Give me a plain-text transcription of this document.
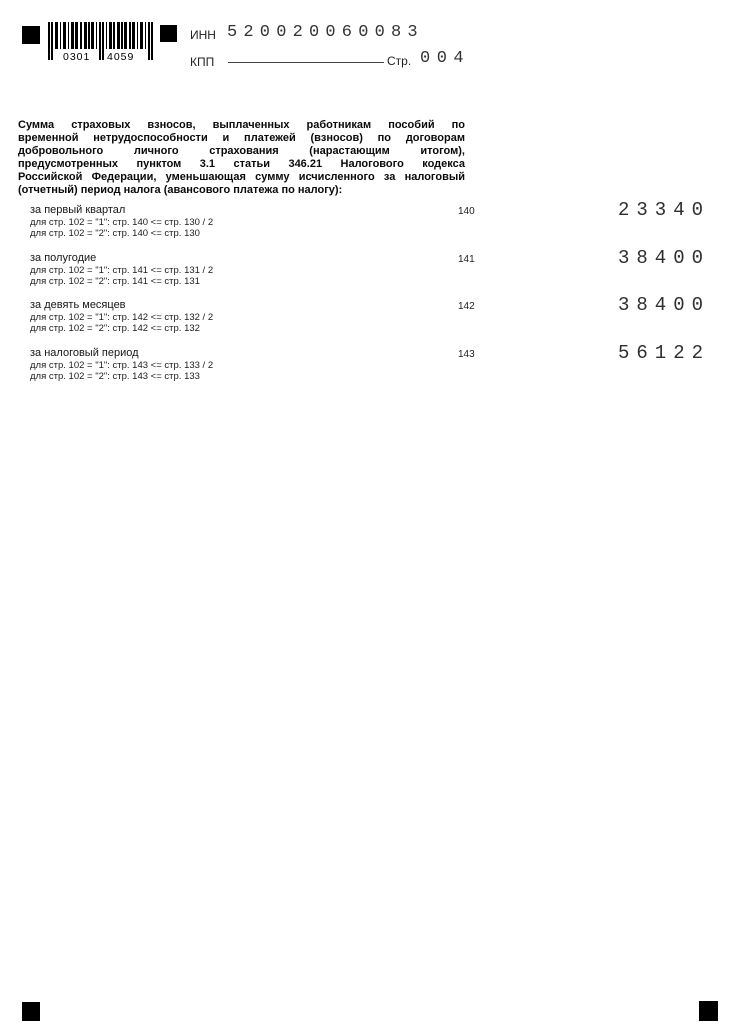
0301 4059
ИНН 520020060083
КПП	Стр. 004
Сумма страховых взносов, выплаченных работникам пособий по
временной нетрудоспособности и платежей (взносов) по договорам
добровольного личного страхования (нарастающим итогом),
предусмотренных пунктом 3.1 статьи 346.21 Налогового кодекса
Российской Федерации, уменьшающая сумму исчисленного за налоговый
(отчетный) период налога (авансового платежа по налогу):
за первый квартал
для стр. 102 = "1": стр. 140 <= стр. 130 / 2
для стр. 102 = "2": стр. 140 <= стр. 130
140	23340
за полугодие
для стр. 102 = "1": стр. 141 <= стр. 131 / 2
для стр. 102 = "2": стр. 141 <= стр. 131
141	38400
за девять месяцев
для стр. 102 = "1": стр. 142 <= стр. 132 / 2
для стр. 102 = "2": стр. 142 <= стр. 132
142	38400
за налоговый период
для стр. 102 = "1": стр. 143 <= стр. 133 / 2
для стр. 102 = "2": стр. 143 <= стр. 133
143	56122
